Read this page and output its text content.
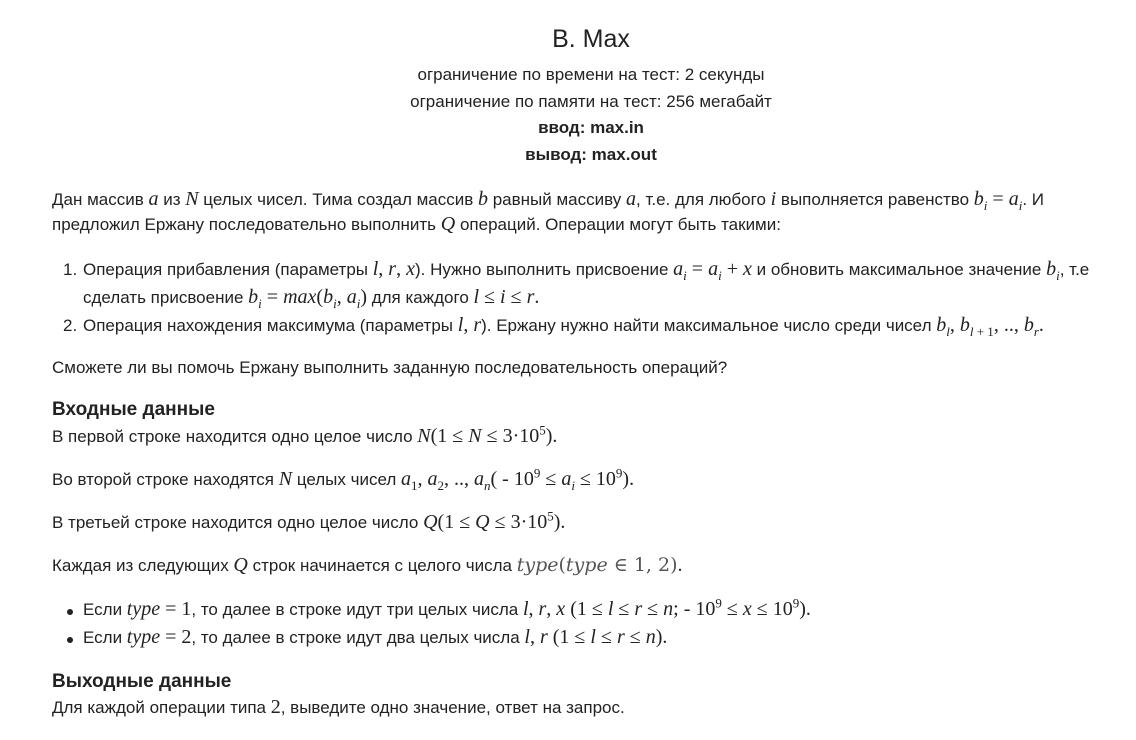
B. Max
ограничение по времени на тест: 2 секунды
ограничение по памяти на тест: 256 мегабайт
ввод: max.in
вывод: max.out
Дан массив a из N целых чисел. Тима создал массив b равный массиву a, т.е. для любого i выполняется равенство $b_i = a_i$. И
предложил Ержану последовательно выполнить Q операций. Операции могут быть такими:
1. Операция прибавления (параметры l, r, x). Нужно выполнить присвоение $a_i = a_i + x$ и обновить максимальное значение $b_i$, т.е
сделать присвоение $b_i = \max(b_i$, $a_i$) для каждого l ≤ i ≤ r.
2. Операция нахождения максимума (параметры l, r). Ержану нужно найти максимальное число среди чисел $b_l$, $b_{l + 1}$, .., $b_r$.
Сможете ли вы помочь Ержану выполнить заданную последовательность операций?
Входные данные
В первой строке находится одно целое число $N(1 \le N \le 3\cdot 10^5)$.
Во второй строке находятся N целых чисел $a_1$, $a_2$, .., $a_n( - 10^9 \le a_i \le 10^9)$.
В третьей строке находится одно целое число $Q(1 \le Q \le 3\cdot 10^5)$.
Каждая из следующих Q строк начинается с целого числа type(type ∈ 1, 2).
Если type = 1, то далее в строке идут три целых числа l, r, x (1 ≤ l ≤ r ≤ n; - $10^9 \le x \le 10^9$).
Если type = 2, то далее в строке идут два целых числа l, r (1 ≤ l ≤ r ≤ n).
Выходные данные
Для каждой операции типа 2, выведите одно значение, ответ на запрос.
